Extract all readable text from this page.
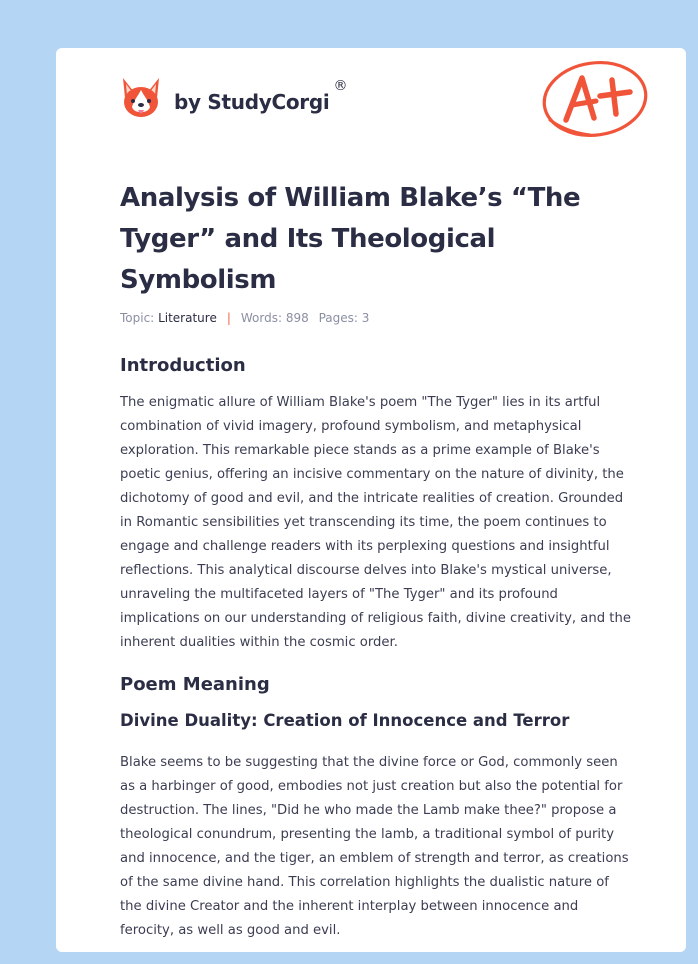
by StudyCorgi
®
Analysis of William Blake’s “The Tyger” and Its Theological Symbolism
Topic: Literature | Words: 898 Pages: 3
Introduction

The enigmatic allure of William Blake's poem "The Tyger" lies in its artful combination of vivid imagery, profound symbolism, and metaphysical exploration. This remarkable piece stands as a prime example of Blake's poetic genius, offering an incisive commentary on the nature of divinity, the dichotomy of good and evil, and the intricate realities of creation. Grounded in Romantic sensibilities yet transcending its time, the poem continues to engage and challenge readers with its perplexing questions and insightful reflections. This analytical discourse delves into Blake's mystical universe, unraveling the multifaceted layers of "The Tyger" and its profound implications on our understanding of religious faith, divine creativity, and the inherent dualities within the cosmic order.

Poem Meaning
Divine Duality: Creation of Innocence and Terror

Blake seems to be suggesting that the divine force or God, commonly seen as a harbinger of good, embodies not just creation but also the potential for destruction. The lines, "Did he who made the Lamb make thee?" propose a theological conundrum, presenting the lamb, a traditional symbol of purity and innocence, and the tiger, an emblem of strength and terror, as creations of the same divine hand. This correlation highlights the dualistic nature of the divine Creator and the inherent interplay between innocence and ferocity, as well as good and evil.
